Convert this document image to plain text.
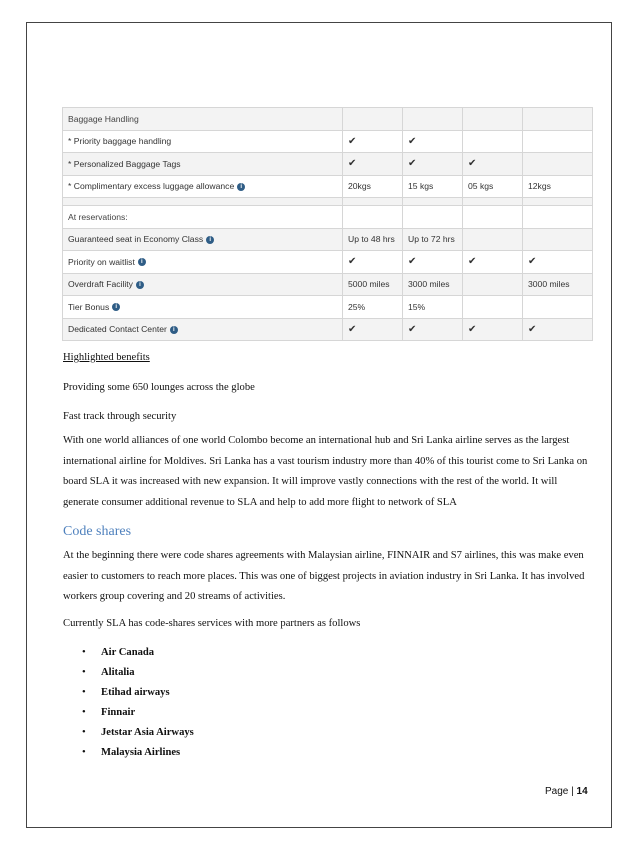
Baggage Handling				
* Priority baggage handling	✔	✔		
* Personalized Baggage Tags	✔	✔	✔	
* Complimentary excess luggage allowance i	20kgs	15 kgs	05 kgs	12kgs

At reservations:				
Guaranteed seat in Economy Class i	Up to 48 hrs	Up to 72 hrs		
Priority on waitlist i	✔	✔	✔	✔
Overdraft Facility i	5000 miles	3000 miles		3000 miles
Tier Bonus i	25%	15%		
Dedicated Contact Center i	✔	✔	✔	✔
Highlighted benefits
Providing some 650 lounges across the globe
Fast track through security
With one world alliances of one world Colombo become an international hub and Sri Lanka airline serves as the largest international airline for Moldives. Sri Lanka has a vast tourism industry more than 40% of this tourist come to Sri Lanka on board SLA it was increased with new expansion. It will improve vastly connections with the rest of the world. It will generate consumer additional revenue to SLA and help to add more flight to network of SLA
Code shares
At the beginning there were code shares agreements with Malaysian airline, FINNAIR and S7 airlines, this was make even easier to customers to reach more places. This was one of biggest projects in aviation industry in Sri Lanka. It has involved workers group covering and 20 streams of activities.
Currently SLA has code-shares services with more partners as follows
• Air Canada
• Alitalia
• Etihad airways
• Finnair
• Jetstar Asia Airways
• Malaysia Airlines
Page | 14
